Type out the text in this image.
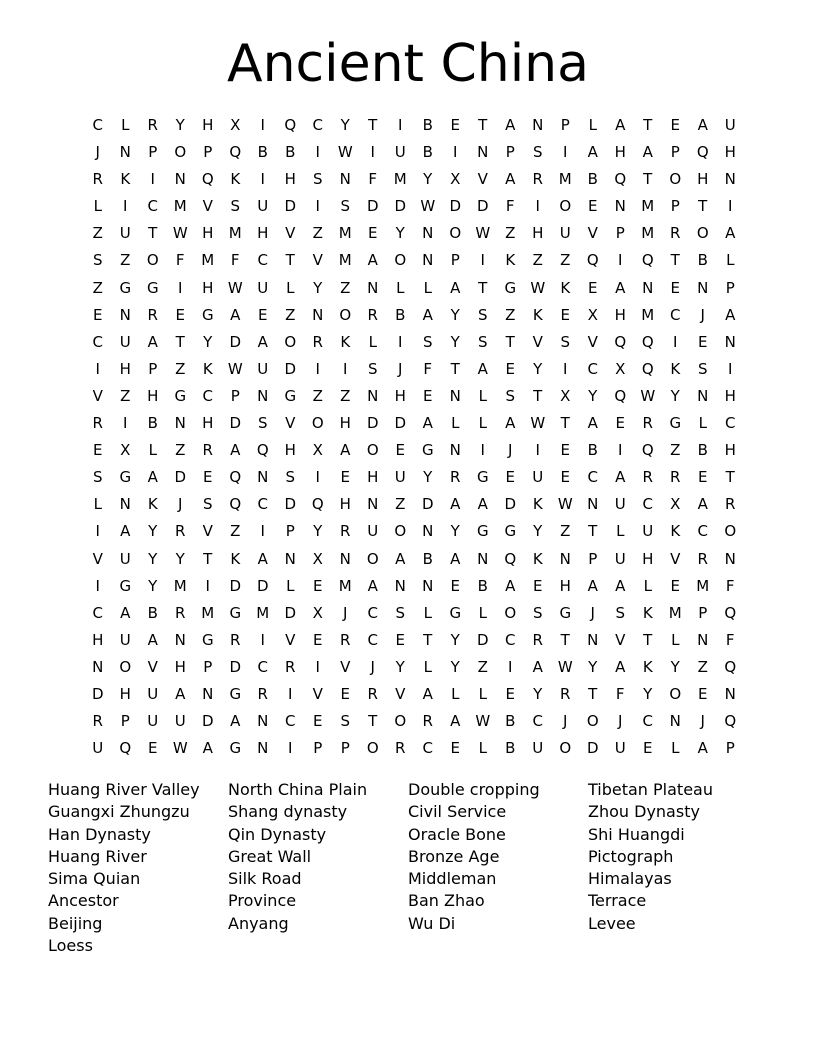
Ancient China
C	L	R	Y	H	X	I	Q	C	Y	T	I	B	E	T	A	N	P	L	A	T	E	A	U
J	N	P	O	P	Q	B	B	I	W	I	U	B	I	N	P	S	I	A	H	A	P	Q	H
R	K	I	N	Q	K	I	H	S	N	F	M	Y	X	V	A	R	M	B	Q	T	O	H	N
L	I	C	M	V	S	U	D	I	S	D	D W D	D	F	I	O	E	N	M	P	T	I
Z	U	T	W H	M	H	V	Z	M	E	Y	N	O W Z	H	U	V	P	M	R	O	A
S	Z	O	F	M	F	C	T	V	M	A	O	N	P	I	K	Z	Z	Q	I	Q	T	B	L
Z	G	G	I	H W U	L	Y	Z	N	L	L	A	T	G W	K	E	A	N	E	N	P
E	N	R	E	G	A	E	Z	N	O	R	B	A	Y	S	Z	K	E	X	H	M	C	J	A
C	U	A	T	Y	D	A	O	R	K	L	I	S	Y	S	T	V	S	V	Q	Q	I	E	N
I	H	P	Z	K	W U	D	I	I	S	J	F	T	A	E	Y	I	C	X	Q	K	S	I
V	Z	H	G	C	P	N	G	Z	Z	N	H	E	N	L	S	T	X	Y	Q W	Y	N	H
R	I	B	N	H	D	S	V	O	H	D	D	A	L	L	A W	T	A	E	R	G	L	C
E	X	L	Z	R	A	Q	H	X	A	O	E	G	N	I	J	I	E	B	I	Q	Z	B	H
S	G	A	D	E	Q	N	S	I	E	H	U	Y	R	G	E	U	E	C	A	R	R	E	T
L	N	K	J	S	Q	C	D	Q	H	N	Z	D	A	A	D	K	W N	U	C	X	A	R
I	A	Y	R	V	Z	I	P	Y	R	U	O	N	Y	G	G	Y	Z	T	L	U	K	C	O
V	U	Y	Y	T	K	A	N	X	N	O	A	B	A	N	Q	K	N	P	U	H	V	R	N
I	G	Y	M	I	D	D	L	E	M	A	N	N	E	B	A	E	H	A	A	L	E	M	F
C	A	B	R	M	G	M	D	X	J	C	S	L	G	L	O	S	G	J	S	K	M	P	Q
H	U	A	N	G	R	I	V	E	R	C	E	T	Y	D	C	R	T	N	V	T	L	N	F
N	O	V	H	P	D	C	R	I	V	J	Y	L	Y	Z	I	A W	Y	A	K	Y	Z	Q
D	H	U	A	N	G	R	I	V	E	R	V	A	L	L	E	Y	R	T	F	Y	O	E	N
R	P	U	U	D	A	N	C	E	S	T	O	R	A W B	C	J	O	J	C	N	J	Q
U	Q	E	W A	G	N	I	P	P	O	R	C	E	L	B	U	O	D	U	E	L	A	P
Huang River Valley	North China Plain	Double cropping	Tibetan Plateau
Guangxi Zhungzu	Shang dynasty	Civil Service	Zhou Dynasty
Han Dynasty	Qin Dynasty	Oracle Bone	Shi Huangdi
Huang River	Great Wall	Bronze Age	Pictograph
Sima Quian	Silk Road	Middleman	Himalayas
Ancestor	Province	Ban Zhao	Terrace
Beijing	Anyang	Wu Di	Levee
Loess
